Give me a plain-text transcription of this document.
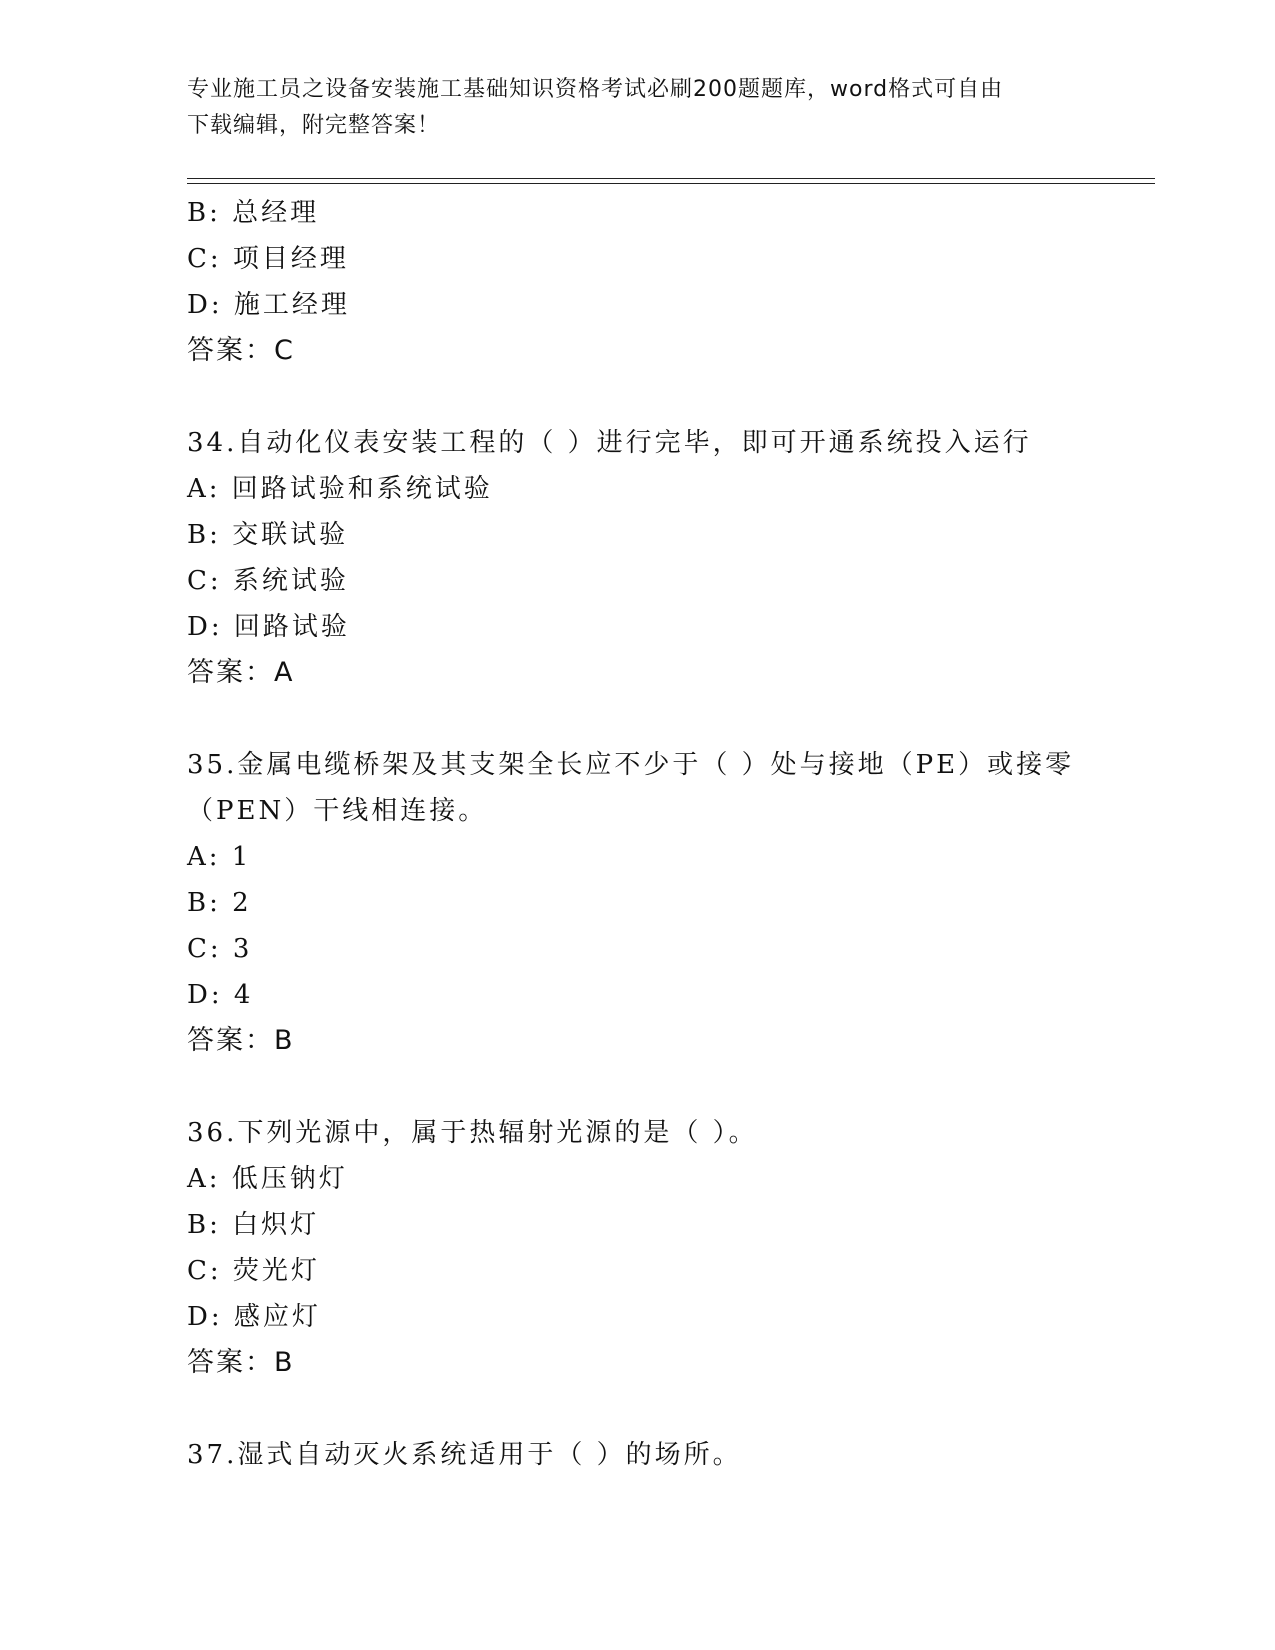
专业施工员之设备安装施工基础知识资格考试必刷200题题库，word格式可自由
下载编辑，附完整答案！
B: 总经理
C: 项目经理
D: 施工经理
答案：C
34.自动化仪表安装工程的（ ）进行完毕，即可开通系统投入运行
A: 回路试验和系统试验
B: 交联试验
C: 系统试验
D: 回路试验
答案：A
35.金属电缆桥架及其支架全长应不少于（ ）处与接地（PE）或接零
（PEN）干线相连接。
A: 1
B: 2
C: 3
D: 4
答案：B
36.下列光源中，属于热辐射光源的是（ ）。
A: 低压钠灯
B: 白炽灯
C: 荧光灯
D: 感应灯
答案：B
37.湿式自动灭火系统适用于（ ）的场所。
